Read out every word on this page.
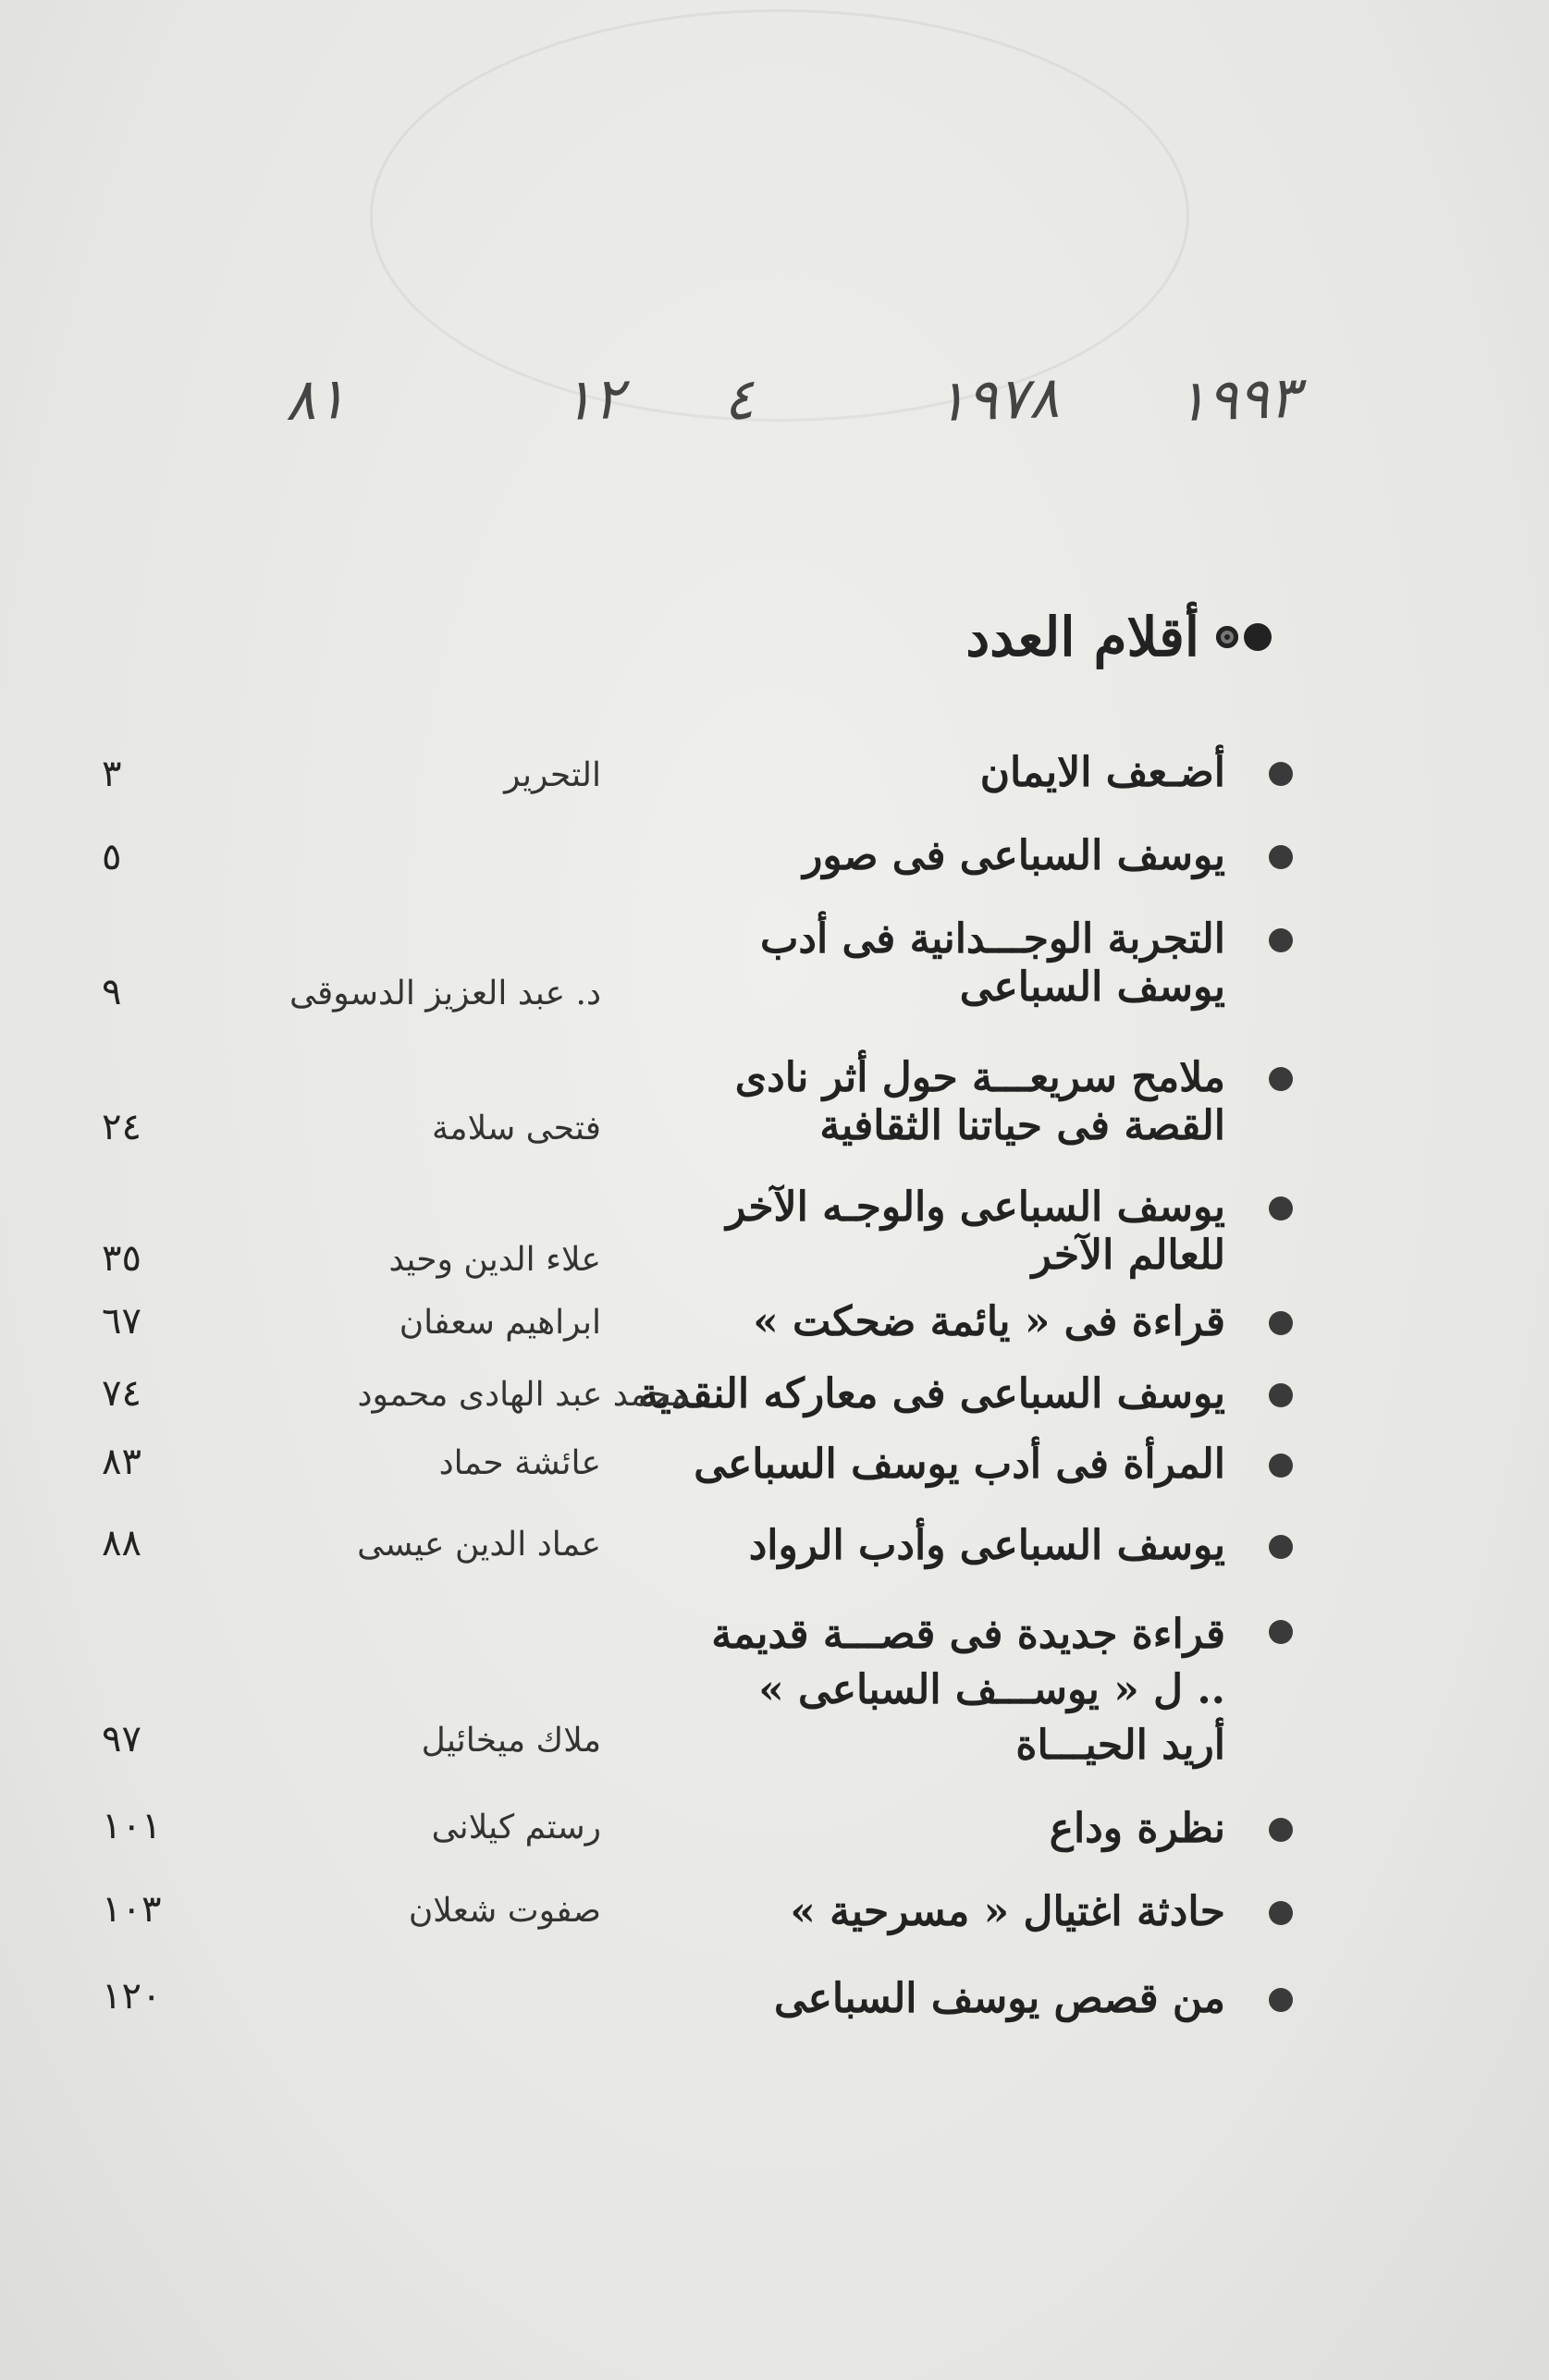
١٩٩٣
١٩٧٨
٤
١٢
٨١
أقلام العدد
أضـعف الايمان
التحرير
٣
يوسف السباعى فى صور
٥
التجربة الوجـــدانية فى أدب
يوسف السباعى
د. عبد العزيز الدسوقى
٩
ملامح سريعـــة حول أثر نادى
القصة فى حياتنا الثقافية
فتحى سلامة
٢٤
يوسف السباعى والوجـه الآخر
للعالم الآخر
علاء الدين وحيد
٣٥
قراءة فى « يائمة ضحكت »
ابراهيم سعفان
٦٧
يوسف السباعى فى معاركه النقدية
محمد عبد الهادى محمود
٧٤
المرأة فى أدب يوسف السباعى
عائشة حماد
٨٣
يوسف السباعى وأدب الرواد
عماد الدين عيسى
٨٨
قراءة جديدة فى قصـــة قديمة
.. ل « يوســـف السباعى »
أريد الحيـــاة
ملاك ميخائيل
٩٧
نظرة وداع
رستم كيلانى
١٠١
حادثة اغتيال « مسرحية »
صفوت شعلان
١٠٣
من قصص يوسف السباعى
١٢٠
